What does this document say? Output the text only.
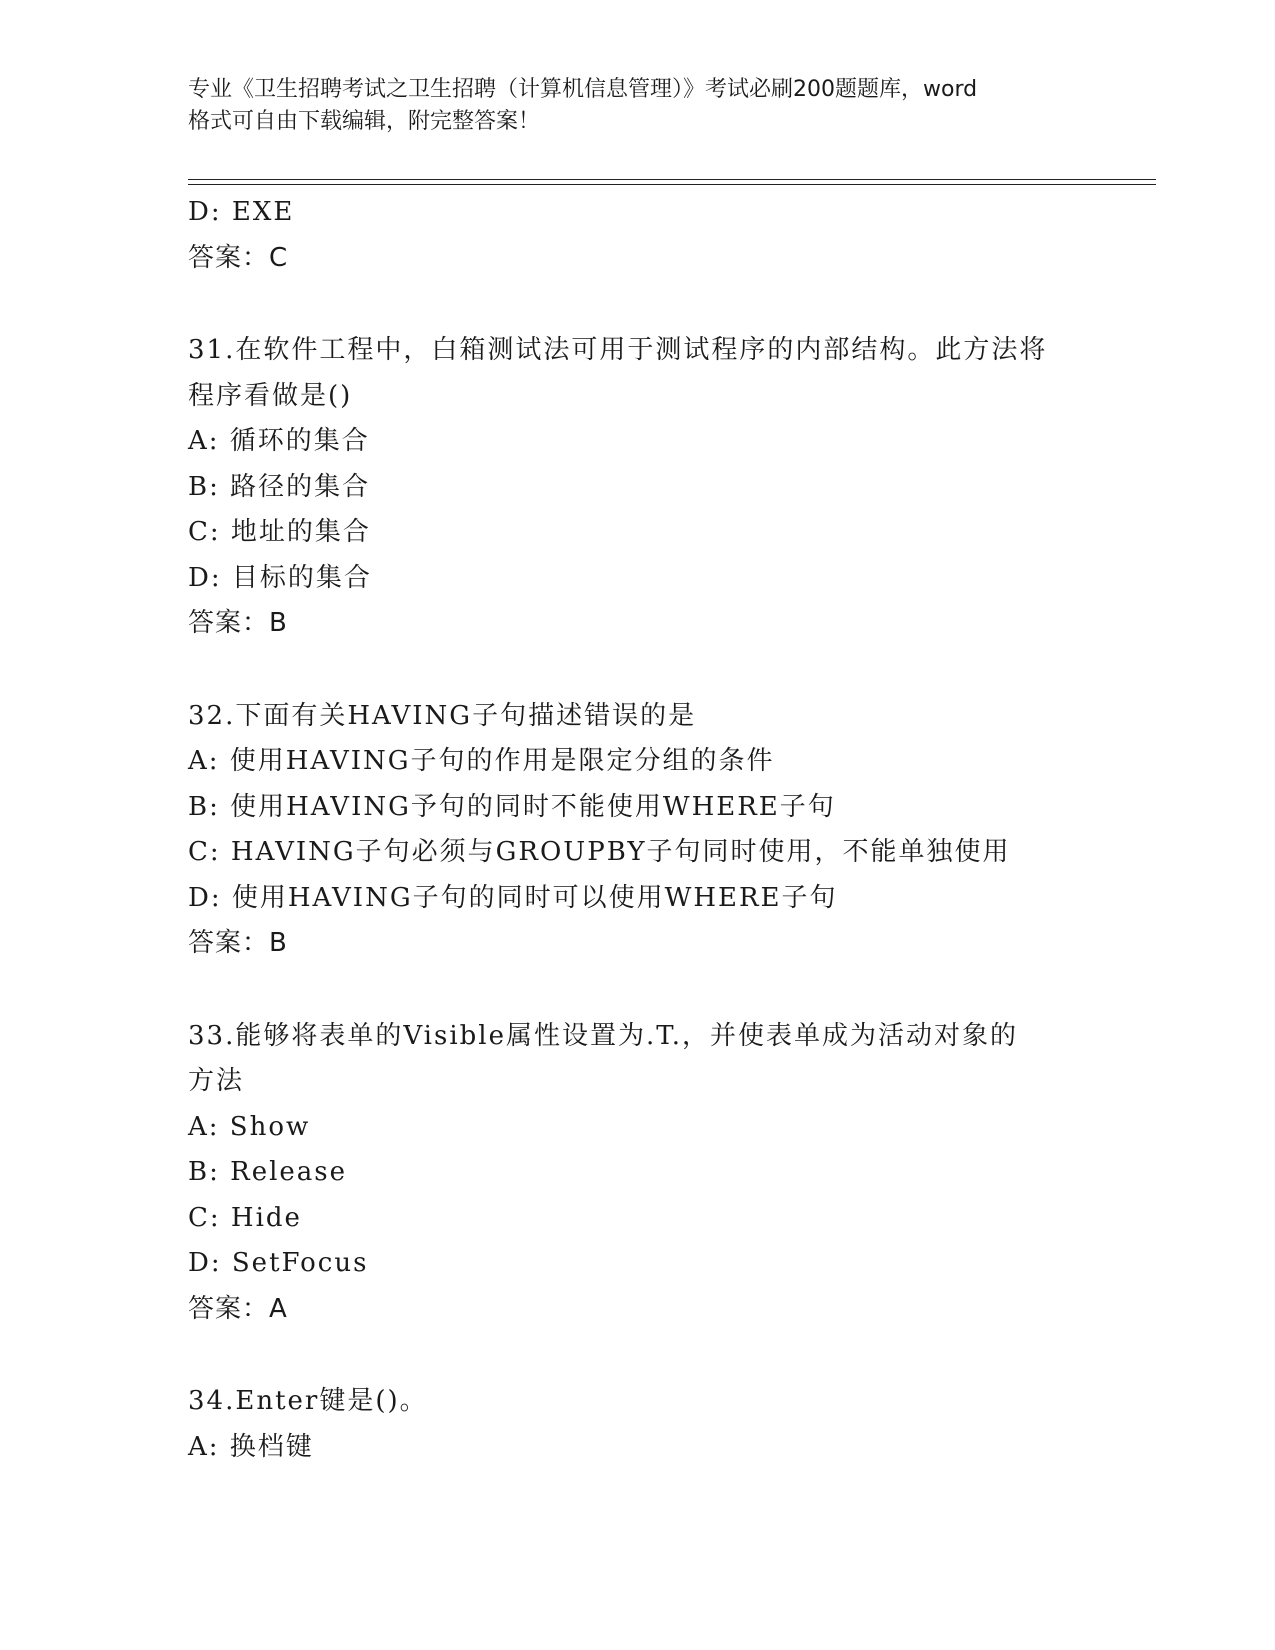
专业《卫生招聘考试之卫生招聘（计算机信息管理）》考试必刷200题题库，word
格式可自由下载编辑，附完整答案！
D: EXE
答案：C
31.在软件工程中，白箱测试法可用于测试程序的内部结构。此方法将
程序看做是()
A: 循环的集合
B: 路径的集合
C: 地址的集合
D: 目标的集合
答案：B
32.下面有关HAVING子句描述错误的是
A: 使用HAVING子句的作用是限定分组的条件
B: 使用HAVING予句的同时不能使用WHERE子句
C: HAVING子句必须与GROUPBY子句同时使用，不能单独使用
D: 使用HAVING子句的同时可以使用WHERE子句
答案：B
33.能够将表单的Visible属性设置为.T.，并使表单成为活动对象的
方法
A: Show
B: Release
C: Hide
D: SetFocus
答案：A
34.Enter键是()。
A: 换档键
